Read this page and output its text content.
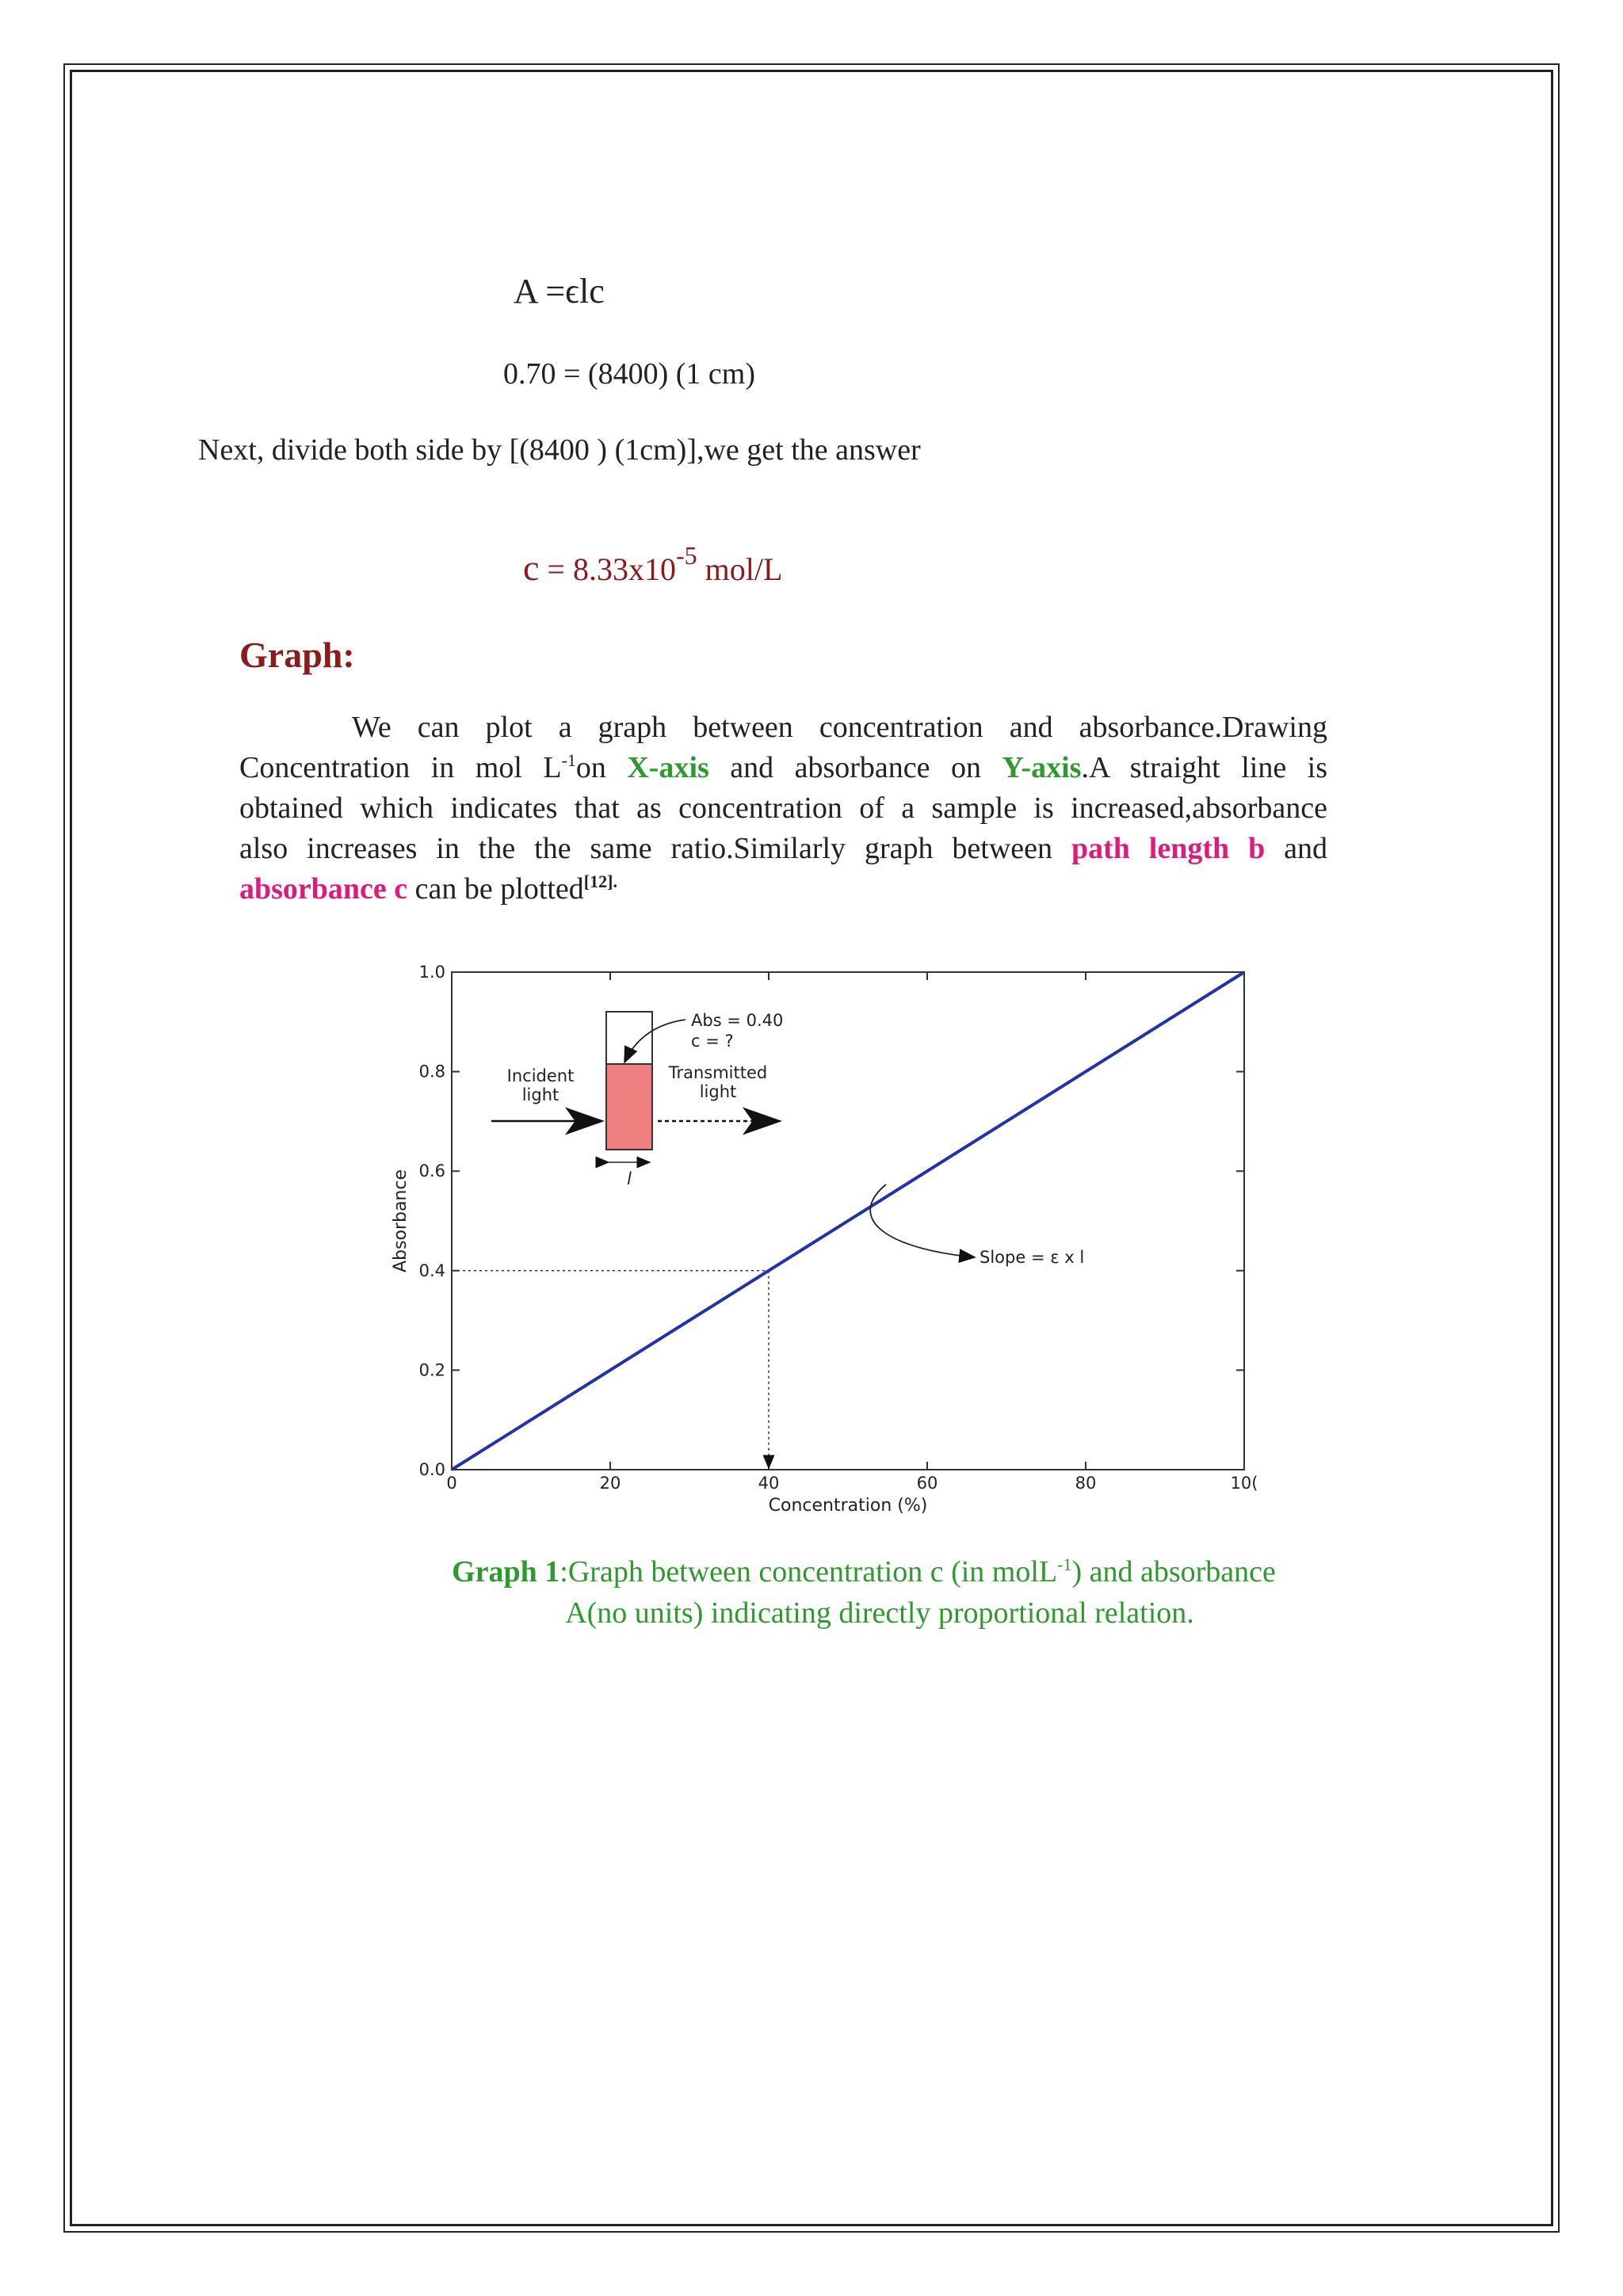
A =ϵlc
0.70 = (8400) (1 cm)
Next, divide both side by [(8400 ) (1cm)],we get the answer
$c = 8.33x10^{-5}$ mol/L
Graph:
We can plot a graph between concentration and absorbance.Drawing
Concentration in mol $L^{-1}on$ X-axis and absorbance on Y-axis.A straight line is
obtained which indicates that as concentration of a sample is increased,absorbance
also increases in the the same ratio.Similarly graph between path length b and
absorbance c can be plotted$^{[12].}$
0.0
0.2
0.4
0.6
0.8
1.0
0	20	40	60	80	10(
Absorbance
Concentration (%)
Abs = 0.40
c = ?
Incident
light
Transmitted
light
l
Slope = ε x l
Graph 1:Graph between concentration c (in molL$^{-1}$) and absorbance
A(no units) indicating directly proportional relation.
